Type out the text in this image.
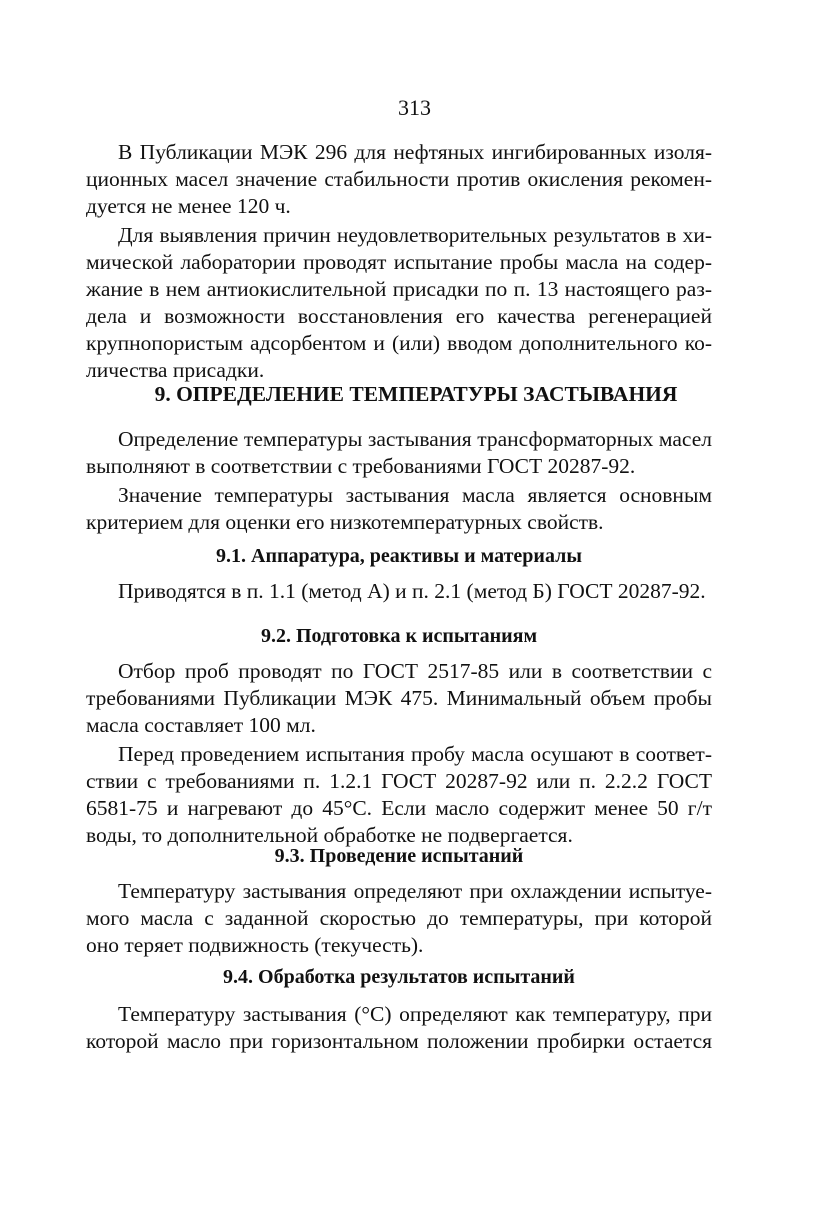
313
В Публикации МЭК 296 для нефтяных ингибированных изоля-
ционных масел значение стабильности против окисления рекомен-
дуется не менее 120 ч.
Для выявления причин неудовлетворительных результатов в хи-
мической лаборатории проводят испытание пробы масла на содер-
жание в нем антиокислительной присадки по п. 13 настоящего раз-
дела и возможности восстановления его качества регенерацией
крупнопористым адсорбентом и (или) вводом дополнительного ко-
личества присадки.
9. ОПРЕДЕЛЕНИЕ ТЕМПЕРАТУРЫ ЗАСТЫВАНИЯ
Определение температуры застывания трансформаторных масел
выполняют в соответствии с требованиями ГОСТ 20287-92.
Значение температуры застывания масла является основным
критерием для оценки его низкотемпературных свойств.
9.1. Аппаратура, реактивы и материалы
Приводятся в п. 1.1 (метод А) и п. 2.1 (метод Б) ГОСТ 20287-92.
9.2. Подготовка к испытаниям
Отбор проб проводят по ГОСТ 2517-85 или в соответствии с
требованиями Публикации МЭК 475. Минимальный объем пробы
масла составляет 100 мл.
Перед проведением испытания пробу масла осушают в соответ-
ствии с требованиями п. 1.2.1 ГОСТ 20287-92 или п. 2.2.2 ГОСТ
6581-75 и нагревают до 45°С. Если масло содержит менее 50 г/т
воды, то дополнительной обработке не подвергается.
9.3. Проведение испытаний
Температуру застывания определяют при охлаждении испытуе-
мого масла с заданной скоростью до температуры, при которой
оно теряет подвижность (текучесть).
9.4. Обработка результатов испытаний
Температуру застывания (°С) определяют как температуру, при
которой масло при горизонтальном положении пробирки остается
